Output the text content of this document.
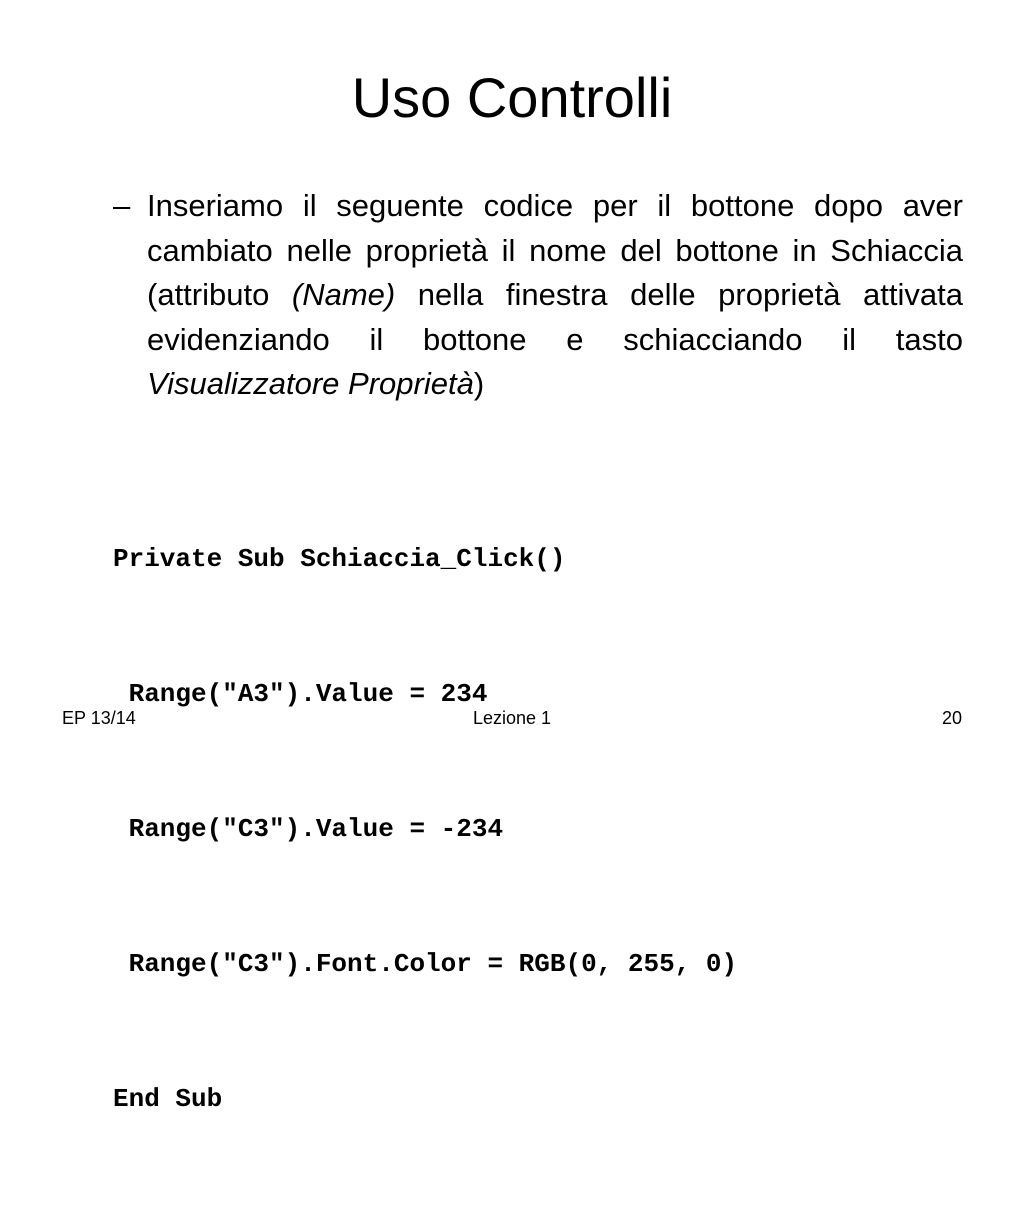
Uso Controlli
– Inseriamo il seguente codice per il bottone dopo aver cambiato nelle proprietà il nome del bottone in Schiaccia (attributo (Name) nella finestra delle proprietà attivata evidenziando il bottone e schiacciando il tasto Visualizzatore Proprietà)

Private Sub Schiaccia_Click()

Range("A3").Value = 234

Range("C3").Value = -234

Range("C3").Font.Color = RGB(0, 255, 0)

End Sub

EP 13/14	Lezione 1	20
